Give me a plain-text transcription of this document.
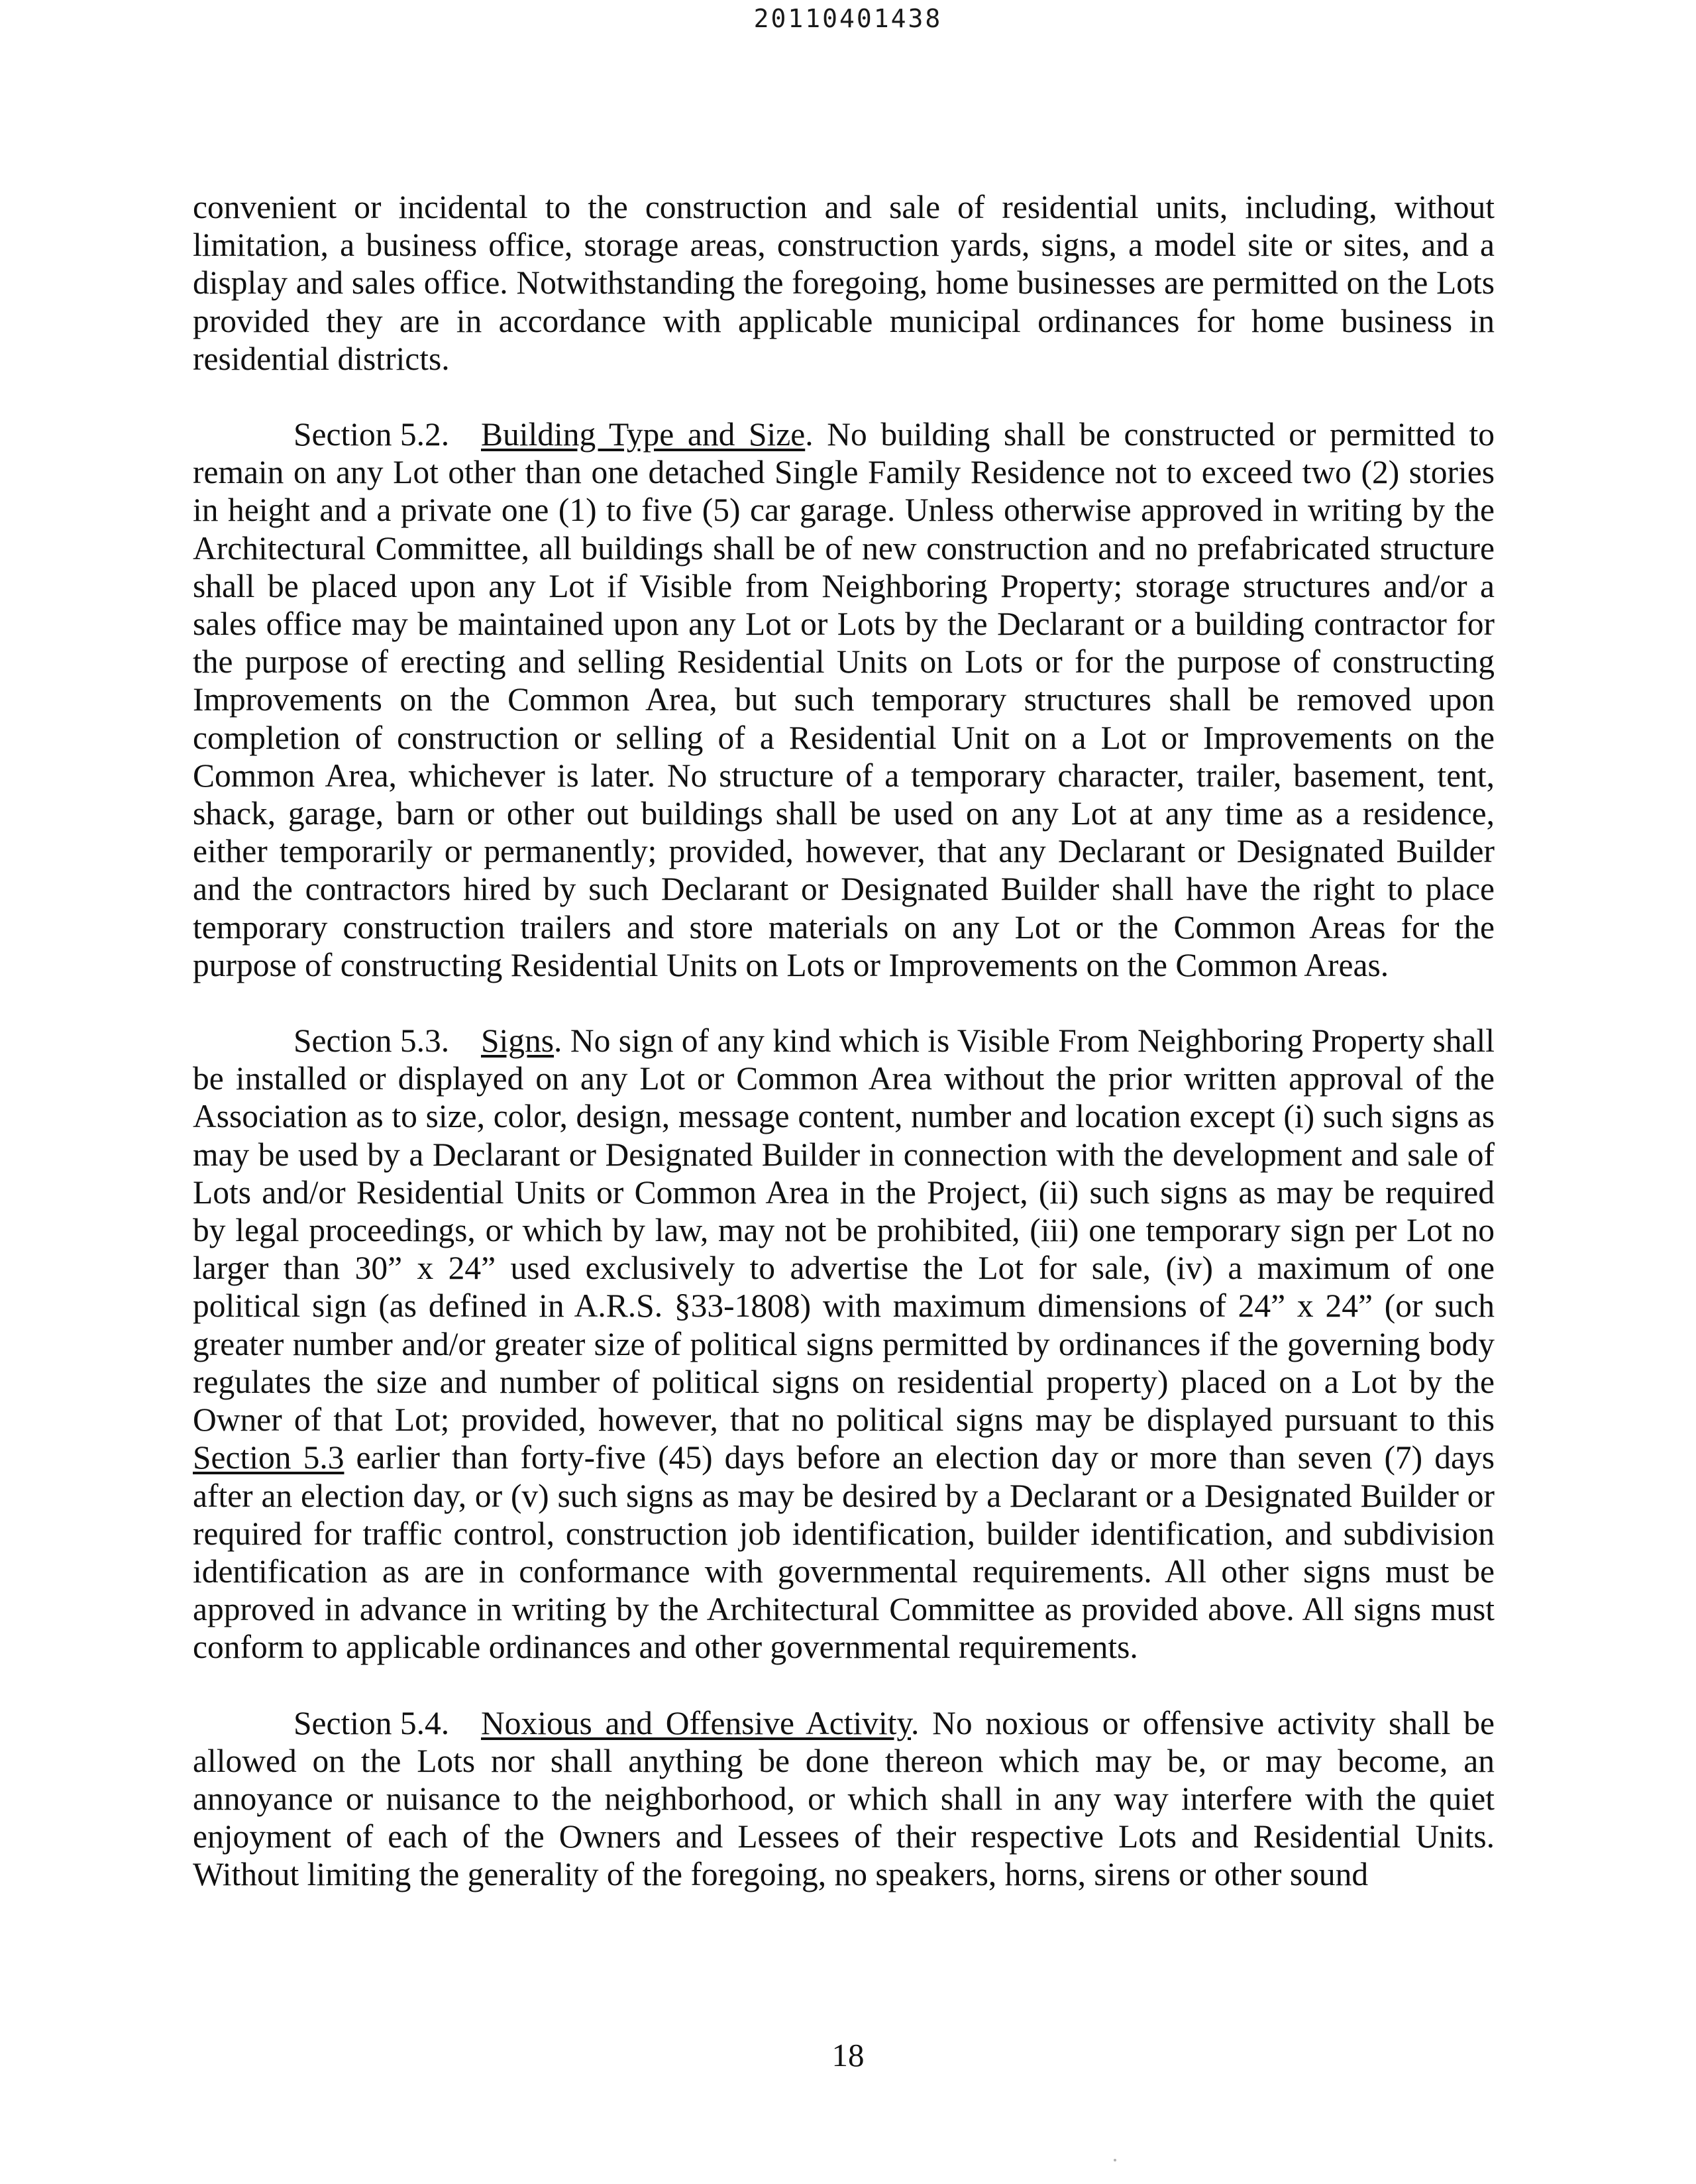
20110401438

convenient or incidental to the construction and sale of residential units, including, without limitation, a business office, storage areas, construction yards, signs, a model site or sites, and a display and sales office. Notwithstanding the foregoing, home businesses are permitted on the Lots provided they are in accordance with applicable municipal ordinances for home business in residential districts.

Section 5.2. Building Type and Size. No building shall be constructed or permitted to remain on any Lot other than one detached Single Family Residence not to exceed two (2) stories in height and a private one (1) to five (5) car garage. Unless otherwise approved in writing by the Architectural Committee, all buildings shall be of new construction and no prefabricated structure shall be placed upon any Lot if Visible from Neighboring Property; storage structures and/or a sales office may be maintained upon any Lot or Lots by the Declarant or a building contractor for the purpose of erecting and selling Residential Units on Lots or for the purpose of constructing Improvements on the Common Area, but such temporary structures shall be removed upon completion of construction or selling of a Residential Unit on a Lot or Improvements on the Common Area, whichever is later. No structure of a temporary character, trailer, basement, tent, shack, garage, barn or other out buildings shall be used on any Lot at any time as a residence, either temporarily or permanently; provided, however, that any Declarant or Designated Builder and the contractors hired by such Declarant or Designated Builder shall have the right to place temporary construction trailers and store materials on any Lot or the Common Areas for the purpose of constructing Residential Units on Lots or Improvements on the Common Areas.

Section 5.3. Signs. No sign of any kind which is Visible From Neighboring Property shall be installed or displayed on any Lot or Common Area without the prior written approval of the Association as to size, color, design, message content, number and location except (i) such signs as may be used by a Declarant or Designated Builder in connection with the development and sale of Lots and/or Residential Units or Common Area in the Project, (ii) such signs as may be required by legal proceedings, or which by law, may not be prohibited, (iii) one temporary sign per Lot no larger than 30” x 24” used exclusively to advertise the Lot for sale, (iv) a maximum of one political sign (as defined in A.R.S. §33-1808) with maximum dimensions of 24” x 24” (or such greater number and/or greater size of political signs permitted by ordinances if the governing body regulates the size and number of political signs on residential property) placed on a Lot by the Owner of that Lot; provided, however, that no political signs may be displayed pursuant to this Section 5.3 earlier than forty-five (45) days before an election day or more than seven (7) days after an election day, or (v) such signs as may be desired by a Declarant or a Designated Builder or required for traffic control, construction job identification, builder identification, and subdivision identification as are in conformance with governmental requirements. All other signs must be approved in advance in writing by the Architectural Committee as provided above. All signs must conform to applicable ordinances and other governmental requirements.

Section 5.4. Noxious and Offensive Activity. No noxious or offensive activity shall be allowed on the Lots nor shall anything be done thereon which may be, or may become, an annoyance or nuisance to the neighborhood, or which shall in any way interfere with the quiet enjoyment of each of the Owners and Lessees of their respective Lots and Residential Units. Without limiting the generality of the foregoing, no speakers, horns, sirens or other sound

18
